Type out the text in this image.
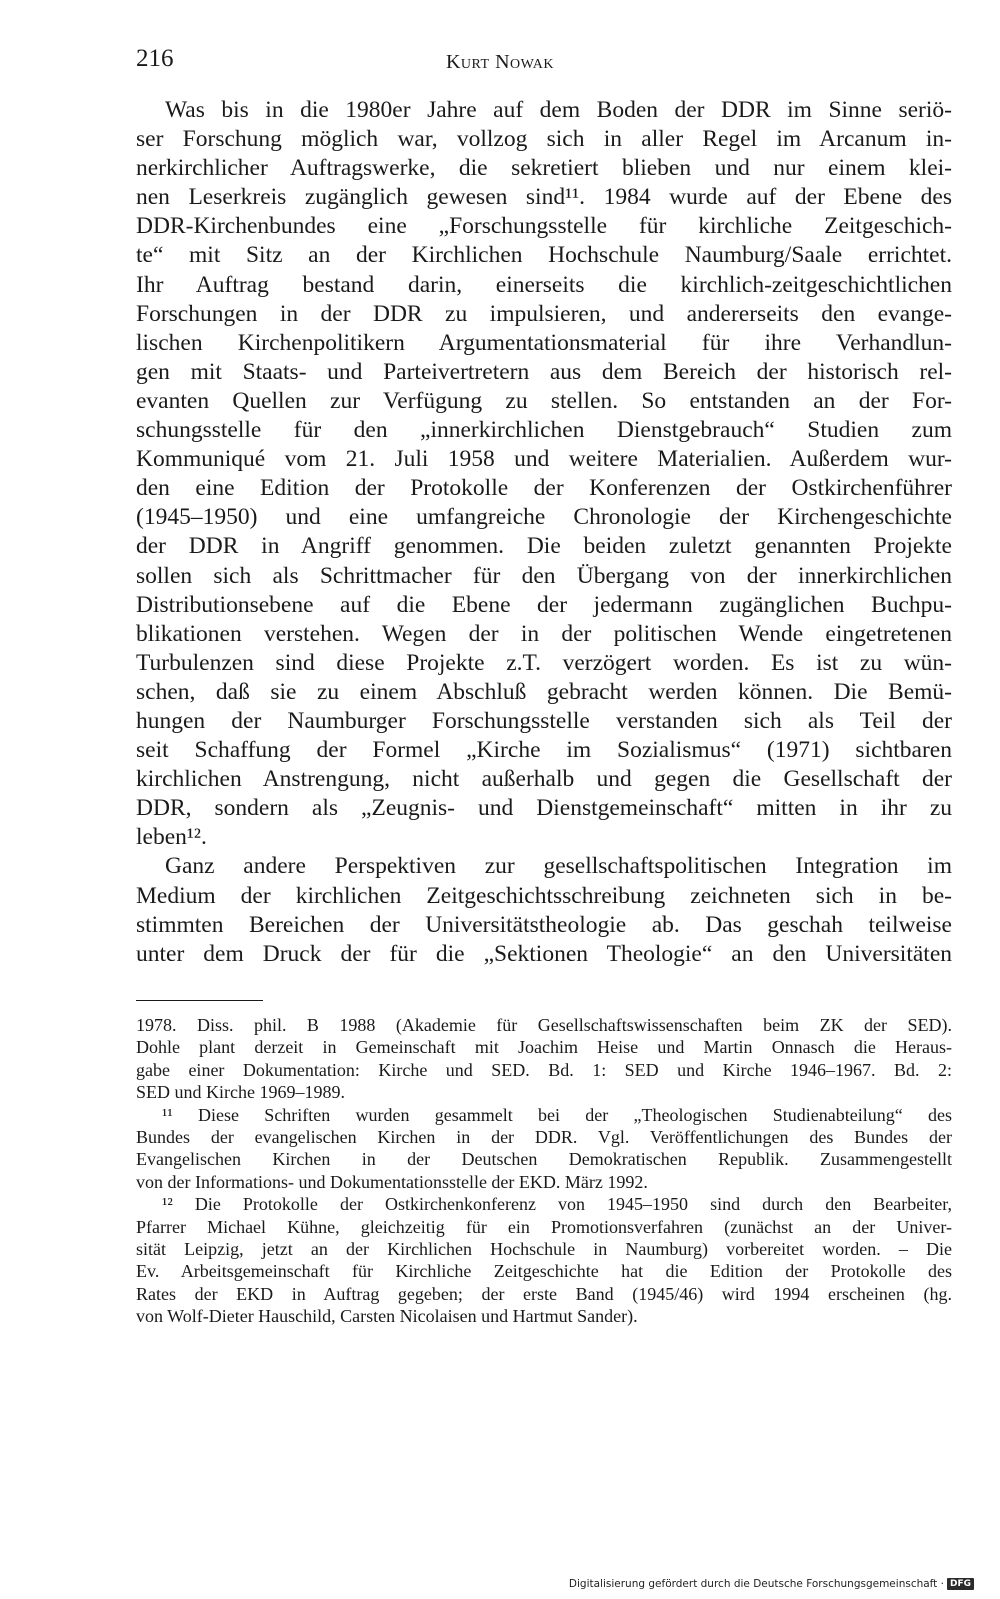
216	Kurt Nowak
Was bis in die 1980er Jahre auf dem Boden der DDR im Sinne seriö-
ser Forschung möglich war, vollzog sich in aller Regel im Arcanum in-
nerkirchlicher Auftragswerke, die sekretiert blieben und nur einem klei-
nen Leserkreis zugänglich gewesen sind¹¹. 1984 wurde auf der Ebene des
DDR-Kirchenbundes eine „Forschungsstelle für kirchliche Zeitgeschich-
te“ mit Sitz an der Kirchlichen Hochschule Naumburg/Saale errichtet.
Ihr Auftrag bestand darin, einerseits die kirchlich-zeitgeschichtlichen
Forschungen in der DDR zu impulsieren, und andererseits den evange-
lischen Kirchenpolitikern Argumentationsmaterial für ihre Verhandlun-
gen mit Staats- und Parteivertretern aus dem Bereich der historisch rel-
evanten Quellen zur Verfügung zu stellen. So entstanden an der For-
schungsstelle für den „innerkirchlichen Dienstgebrauch“ Studien zum
Kommuniqué vom 21. Juli 1958 und weitere Materialien. Außerdem wur-
den eine Edition der Protokolle der Konferenzen der Ostkirchenführer
(1945–1950) und eine umfangreiche Chronologie der Kirchengeschichte
der DDR in Angriff genommen. Die beiden zuletzt genannten Projekte
sollen sich als Schrittmacher für den Übergang von der innerkirchlichen
Distributionsebene auf die Ebene der jedermann zugänglichen Buchpu-
blikationen verstehen. Wegen der in der politischen Wende eingetretenen
Turbulenzen sind diese Projekte z.T. verzögert worden. Es ist zu wün-
schen, daß sie zu einem Abschluß gebracht werden können. Die Bemü-
hungen der Naumburger Forschungsstelle verstanden sich als Teil der
seit Schaffung der Formel „Kirche im Sozialismus“ (1971) sichtbaren
kirchlichen Anstrengung, nicht außerhalb und gegen die Gesellschaft der
DDR, sondern als „Zeugnis- und Dienstgemeinschaft“ mitten in ihr zu
leben¹².
Ganz andere Perspektiven zur gesellschaftspolitischen Integration im
Medium der kirchlichen Zeitgeschichtsschreibung zeichneten sich in be-
stimmten Bereichen der Universitätstheologie ab. Das geschah teilweise
unter dem Druck der für die „Sektionen Theologie“ an den Universitäten
1978. Diss. phil. B 1988 (Akademie für Gesellschaftswissenschaften beim ZK der SED).
Dohle plant derzeit in Gemeinschaft mit Joachim Heise und Martin Onnasch die Heraus-
gabe einer Dokumentation: Kirche und SED. Bd. 1: SED und Kirche 1946–1967. Bd. 2:
SED und Kirche 1969–1989.
¹¹ Diese Schriften wurden gesammelt bei der „Theologischen Studienabteilung“ des
Bundes der evangelischen Kirchen in der DDR. Vgl. Veröffentlichungen des Bundes der
Evangelischen Kirchen in der Deutschen Demokratischen Republik. Zusammengestellt
von der Informations- und Dokumentationsstelle der EKD. März 1992.
¹² Die Protokolle der Ostkirchenkonferenz von 1945–1950 sind durch den Bearbeiter,
Pfarrer Michael Kühne, gleichzeitig für ein Promotionsverfahren (zunächst an der Univer-
sität Leipzig, jetzt an der Kirchlichen Hochschule in Naumburg) vorbereitet worden. – Die
Ev. Arbeitsgemeinschaft für Kirchliche Zeitgeschichte hat die Edition der Protokolle des
Rates der EKD in Auftrag gegeben; der erste Band (1945/46) wird 1994 erscheinen (hg.
von Wolf-Dieter Hauschild, Carsten Nicolaisen und Hartmut Sander).
Digitalisierung gefördert durch die Deutsche Forschungsgemeinschaft · DFG
